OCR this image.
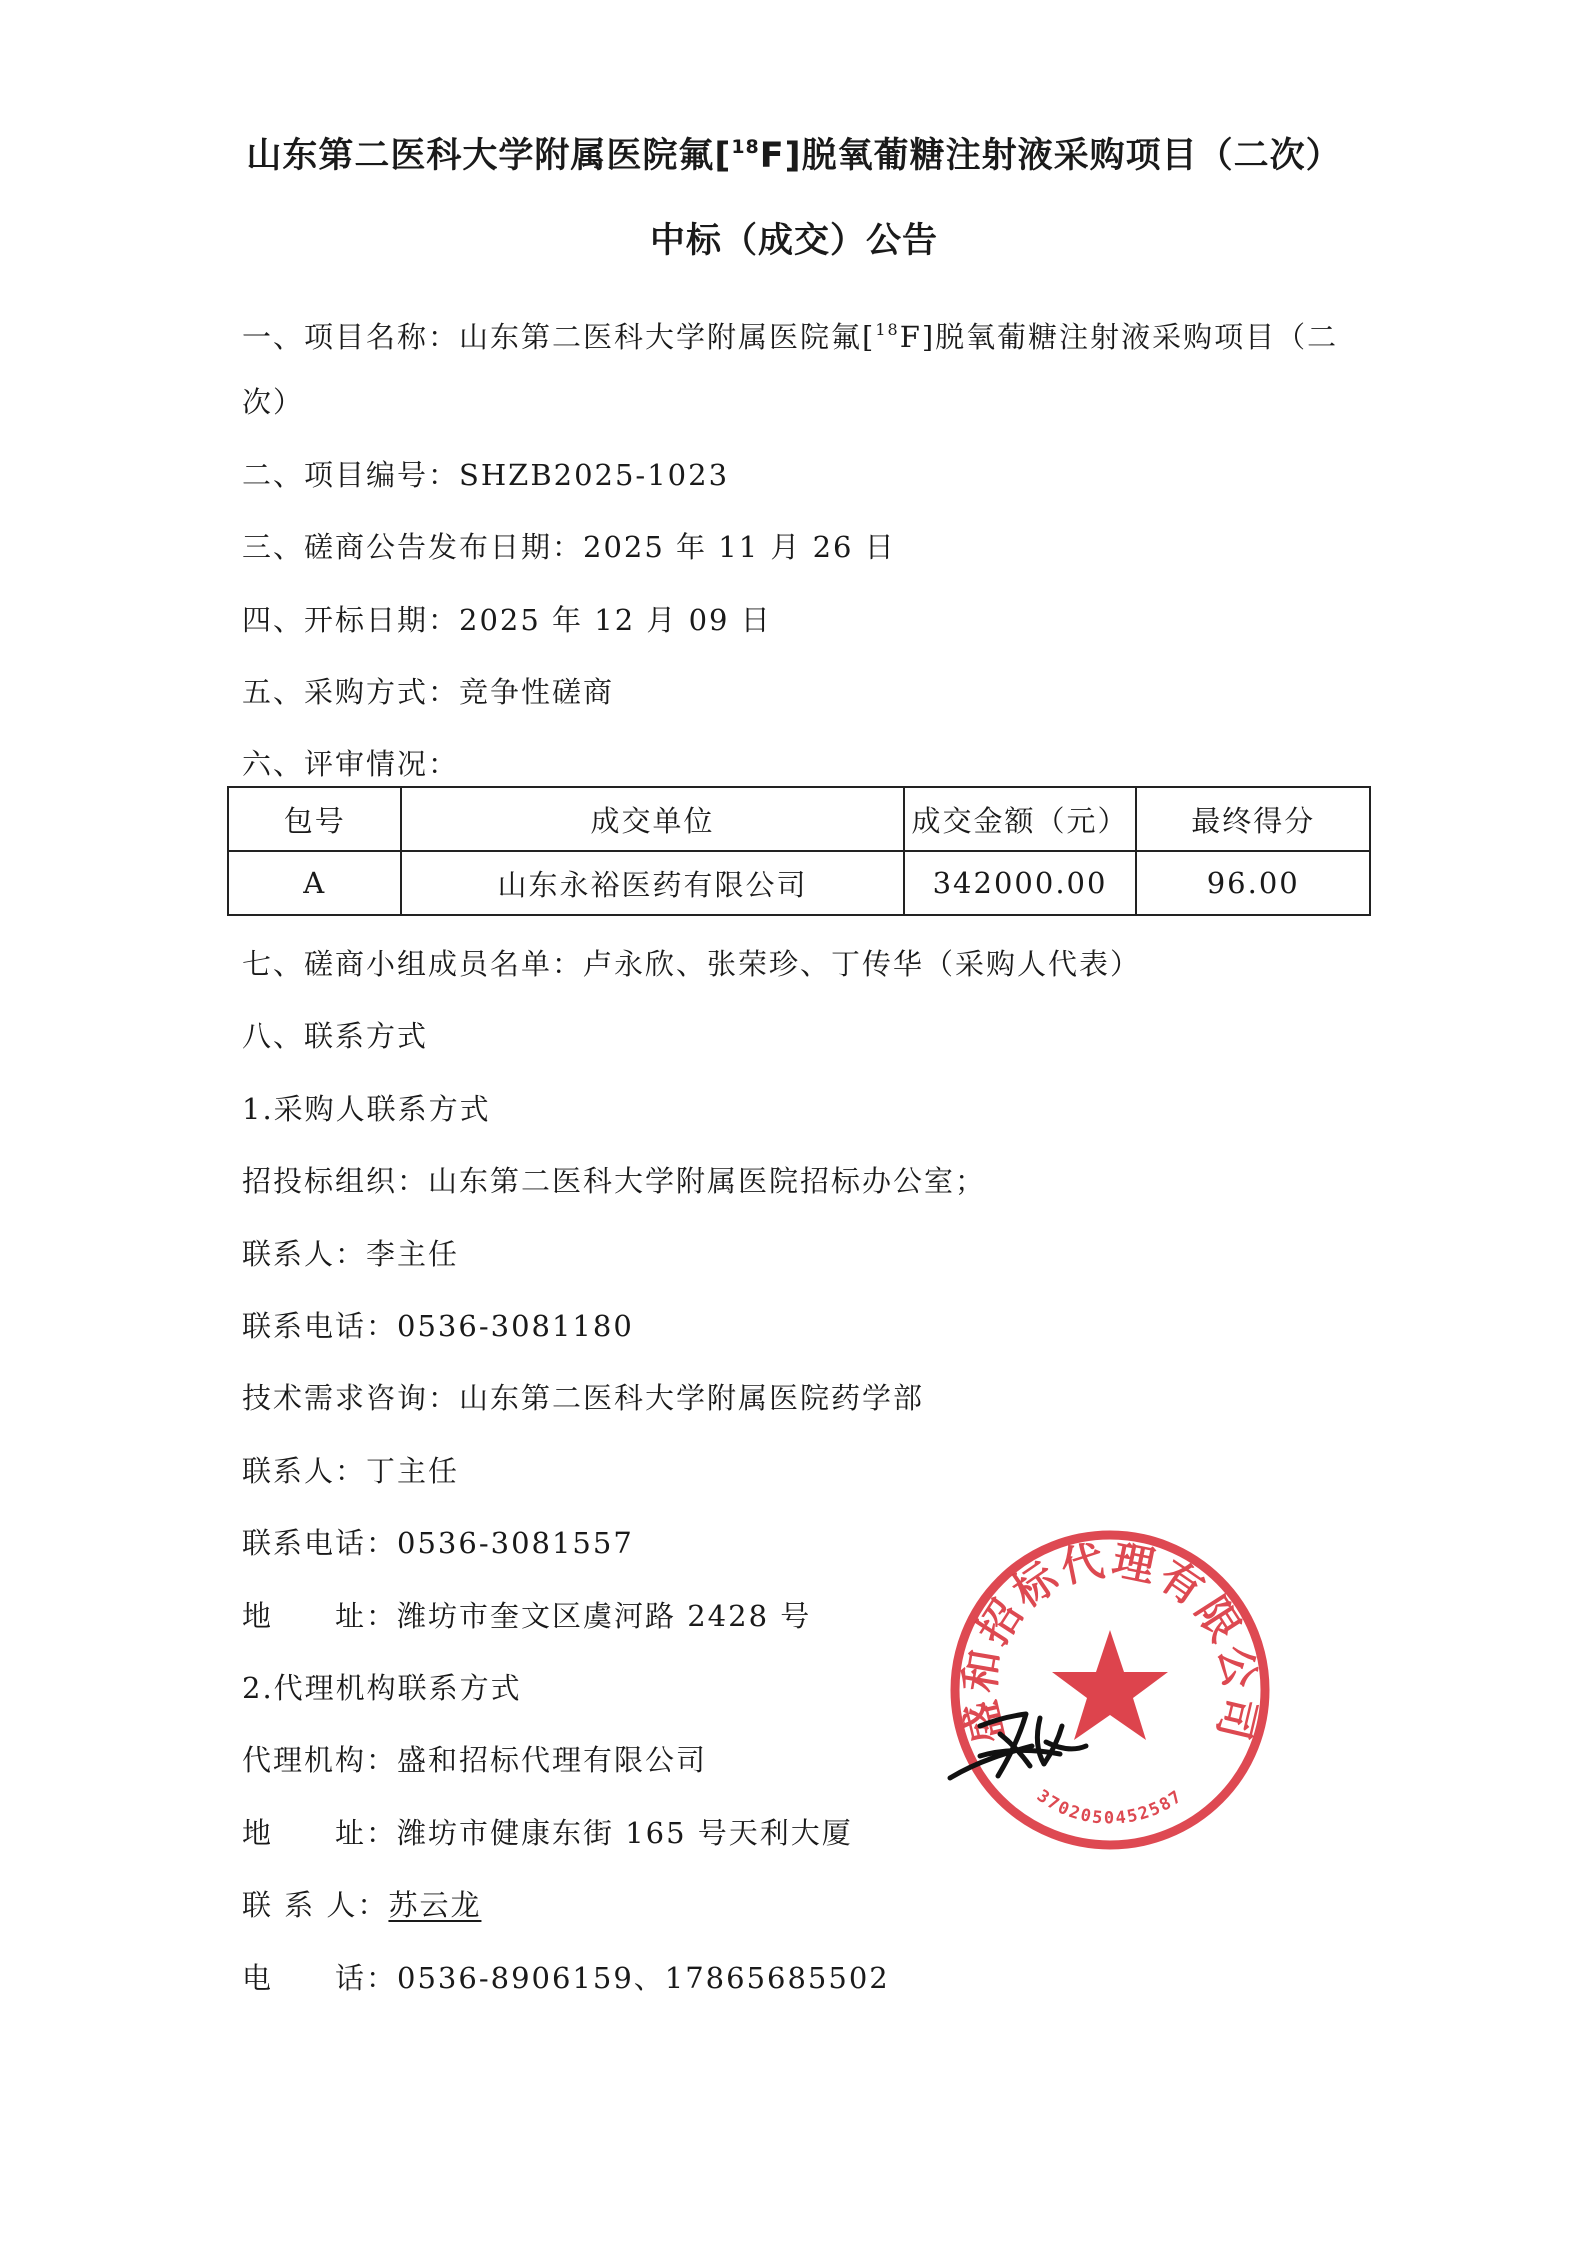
山东第二医科大学附属医院氟[$^{18}$F]脱氧葡糖注射液采购项目（二次）
中标（成交）公告
一、项目名称：山东第二医科大学附属医院氟[$^{18}$F]脱氧葡糖注射液采购项目（二
次）
二、项目编号：SHZB2025-1023
三、磋商公告发布日期：2025 年 11 月 26 日
四、开标日期：2025 年 12 月 09 日
五、采购方式：竞争性磋商
六、评审情况：
包号	成交单位	成交金额（元）	最终得分
A	山东永裕医药有限公司	342000.00	96.00
七、磋商小组成员名单：卢永欣、张荣珍、丁传华（采购人代表）
八、联系方式
1.采购人联系方式
招投标组织：山东第二医科大学附属医院招标办公室；
联系人：李主任
联系电话：0536-3081180
技术需求咨询：山东第二医科大学附属医院药学部
联系人：丁主任
联系电话：0536-3081557
地　　址：潍坊市奎文区虞河路 2428 号
2.代理机构联系方式
代理机构：盛和招标代理有限公司
地　　址：潍坊市健康东街 165 号天利大厦
联 系 人：苏云龙
电　　话：0536-8906159、17865685502
盛和招标代理有限公司
3702050452587
